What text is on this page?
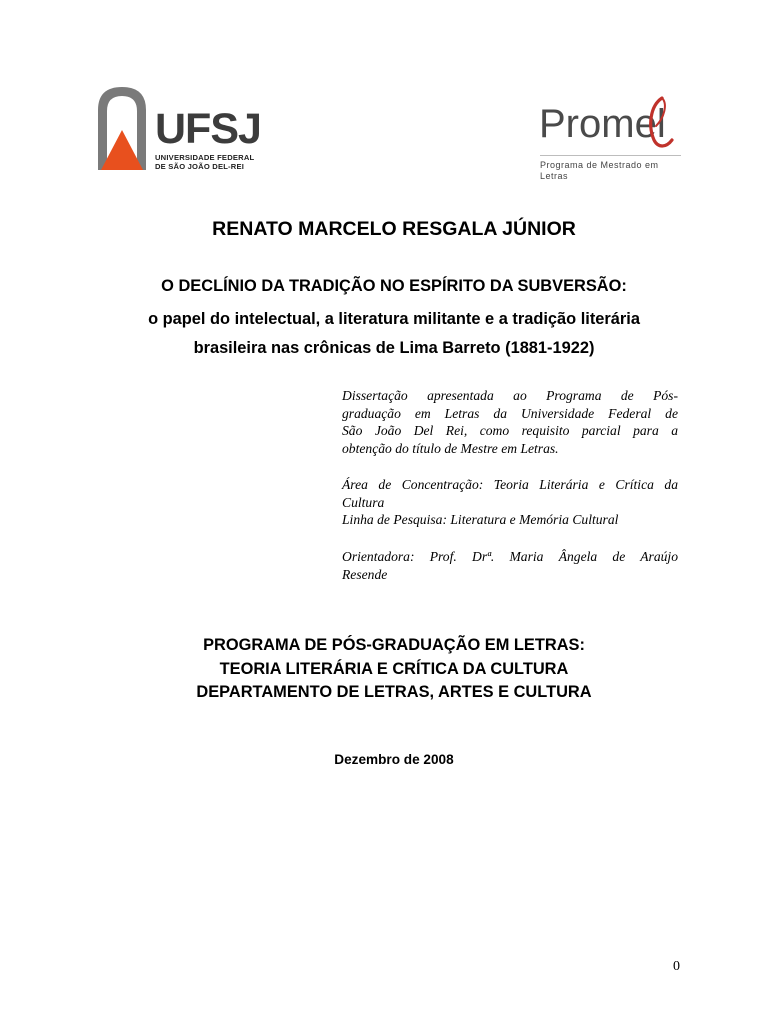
UFSJ
UNIVERSIDADE FEDERAL
DE SÃO JOÃO DEL-REI
Promel
Programa de Mestrado em Letras
RENATO MARCELO RESGALA JÚNIOR
O DECLÍNIO DA TRADIÇÃO NO ESPÍRITO DA SUBVERSÃO:
o papel do intelectual, a literatura militante e a tradição literária
brasileira nas crônicas de Lima Barreto (1881-1922)
Dissertação apresentada ao Programa de Pós-
graduação em Letras da Universidade Federal de
São João Del Rei, como requisito parcial para a
obtenção do título de Mestre em Letras.
Área de Concentração: Teoria Literária e Crítica da
Cultura
Linha de Pesquisa: Literatura e Memória Cultural
Orientadora: Prof. Drª. Maria Ângela de Araújo
Resende
PROGRAMA DE PÓS-GRADUAÇÃO EM LETRAS:
TEORIA LITERÁRIA E CRÍTICA DA CULTURA
DEPARTAMENTO DE LETRAS, ARTES E CULTURA
Dezembro de 2008
0
